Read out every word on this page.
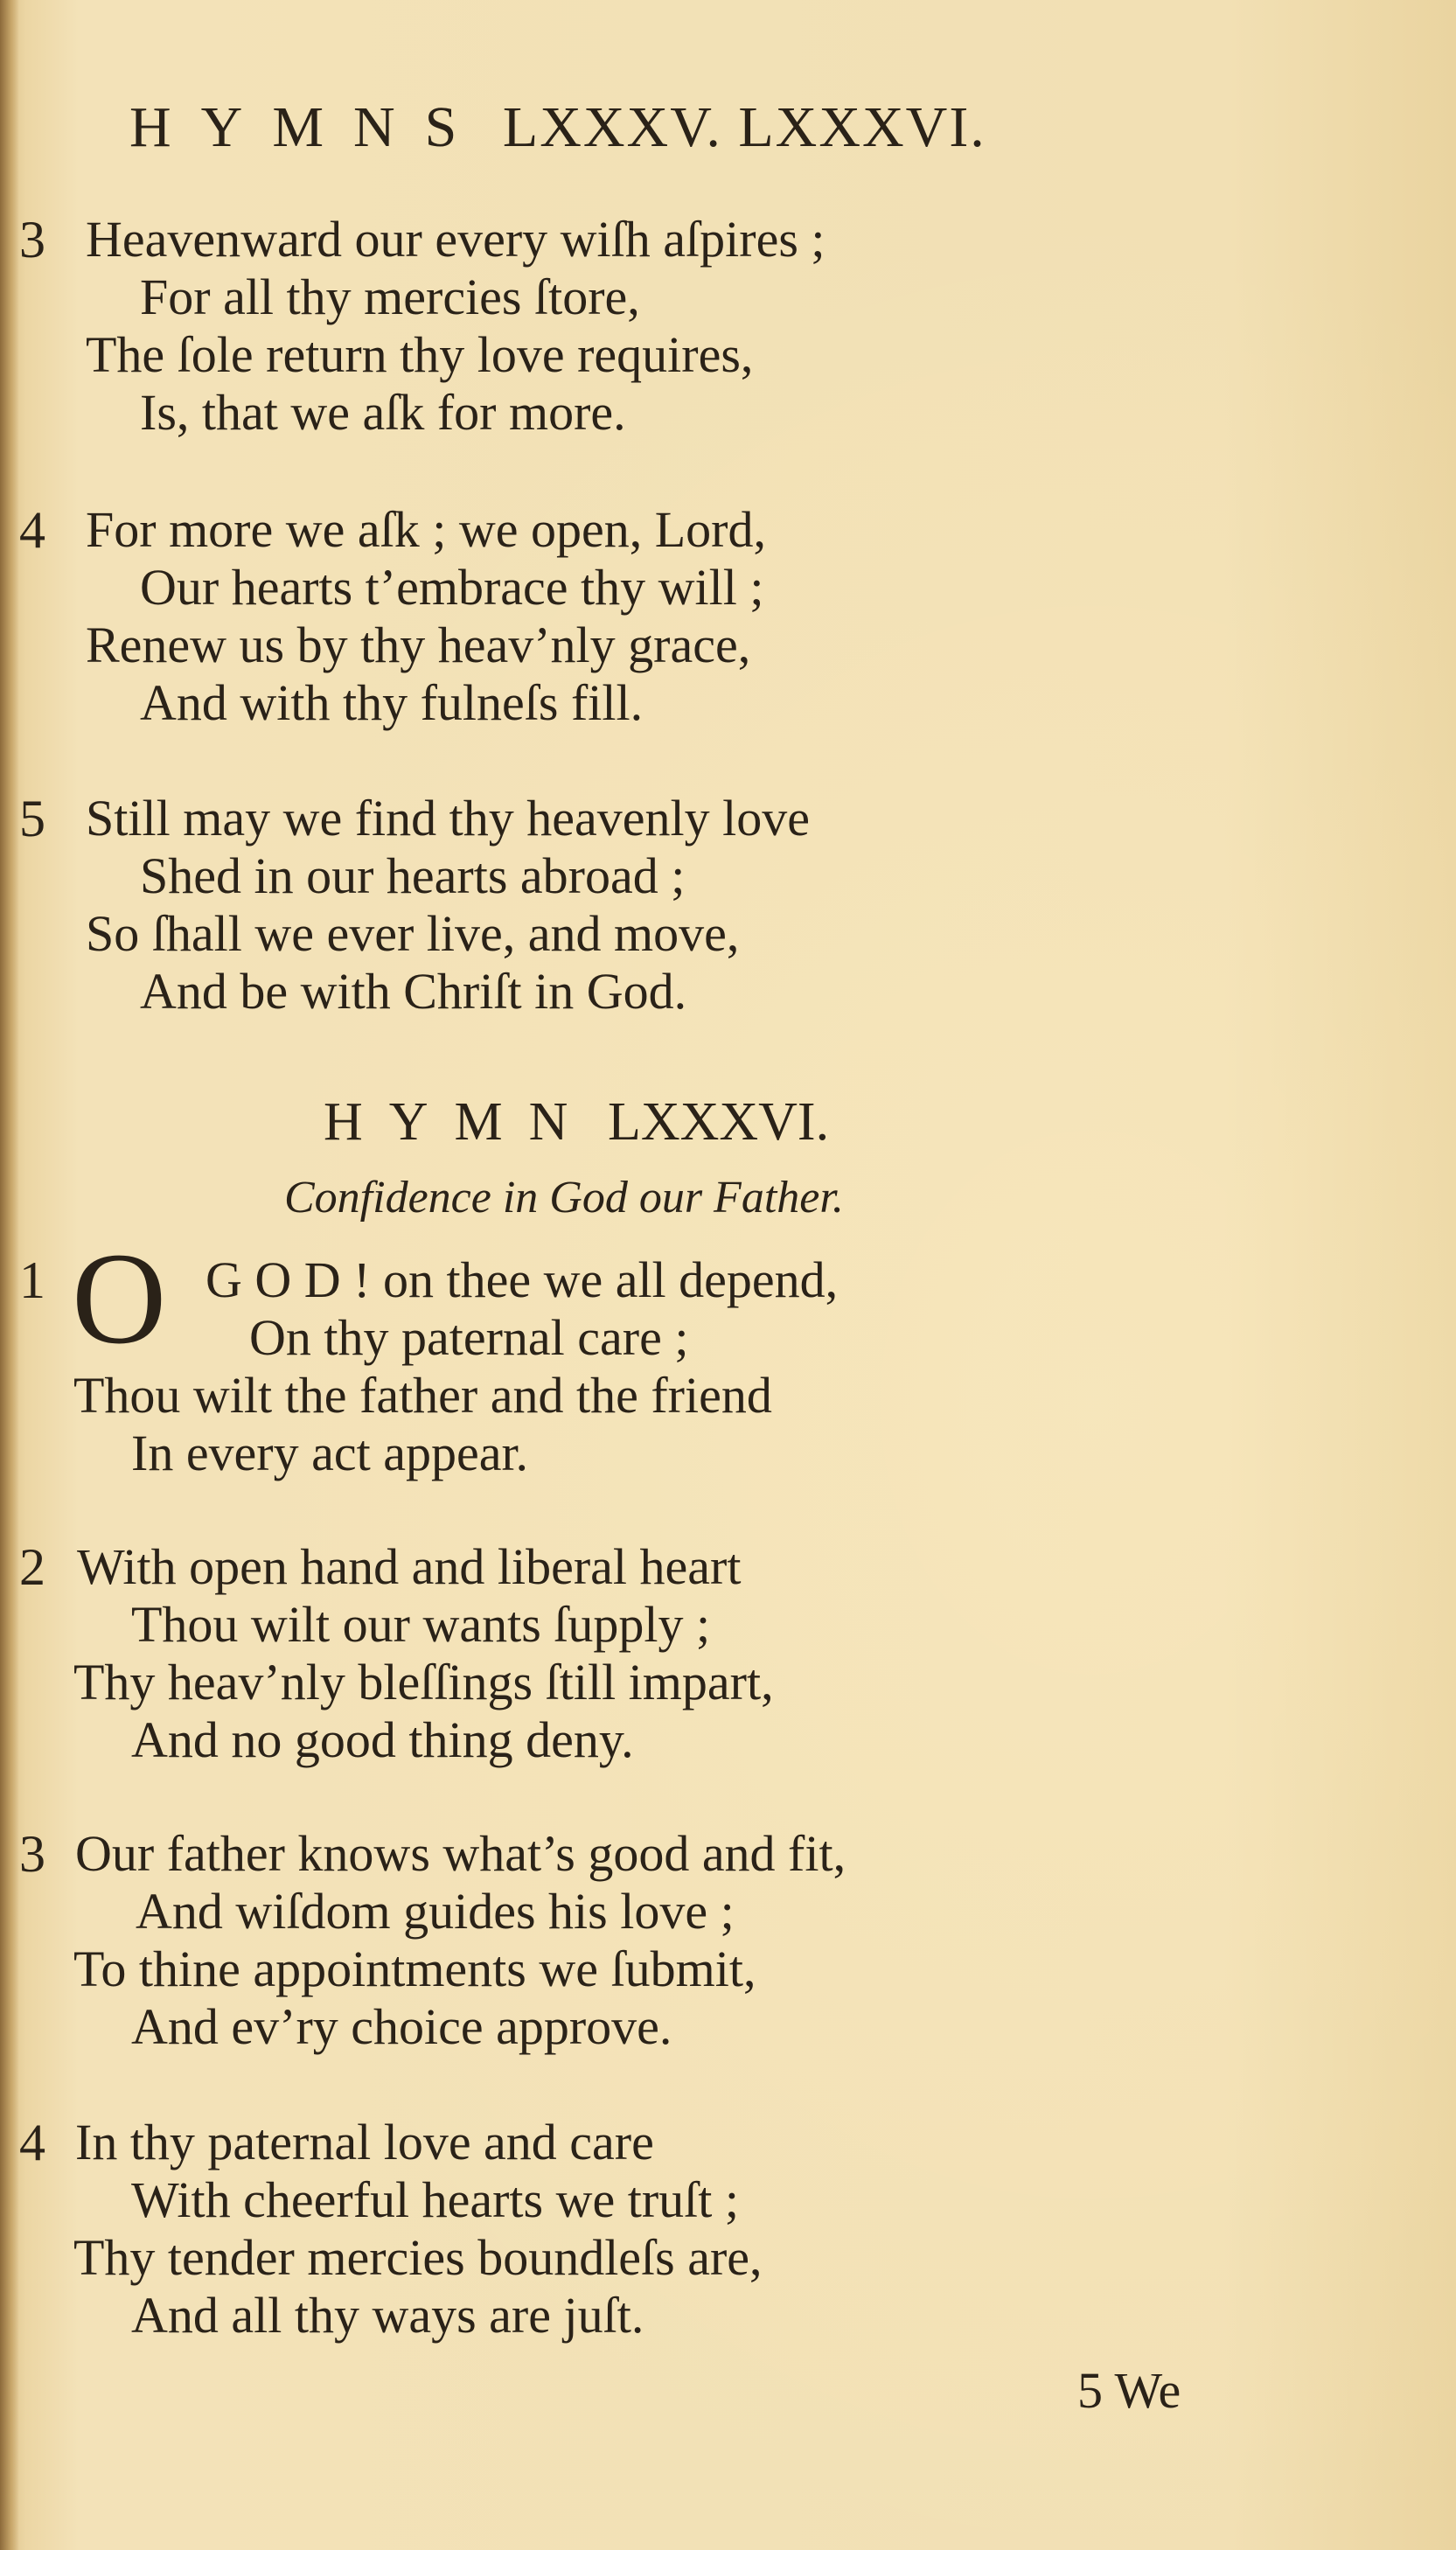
HYMNS LXXXV. LXXXVI.
3 Heavenward our every wiſh aſpires ;
For all thy mercies ſtore,
The ſole return thy love requires,
Is, that we aſk for more.
4 For more we aſk ; we open, Lord,
Our hearts t’embrace thy will ;
Renew us by thy heav’nly grace,
And with thy fulneſs fill.
5 Still may we find thy heavenly love
Shed in our hearts abroad ;
So ſhall we ever live, and move,
And be with Chriſt in God.
HYMN LXXXVI.
Confidence in God our Father.
1 O G O D ! on thee we all depend,
On thy paternal care ;
Thou wilt the father and the friend
In every act appear.
2 With open hand and liberal heart
Thou wilt our wants ſupply ;
Thy heav’nly bleſſings ſtill impart,
And no good thing deny.
3 Our father knows what’s good and fit,
And wiſdom guides his love ;
To thine appointments we ſubmit,
And ev’ry choice approve.
4 In thy paternal love and care
With cheerful hearts we truſt ;
Thy tender mercies boundleſs are,
And all thy ways are juſt.
5 We
